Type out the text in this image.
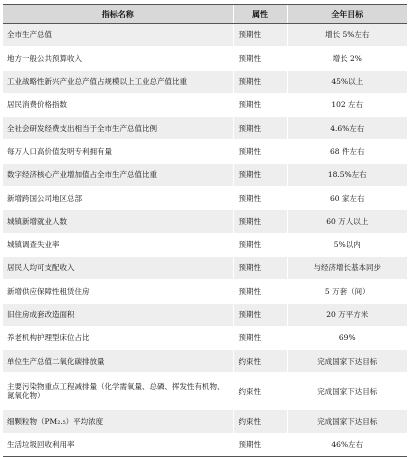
指标名称	属性	全年目标
全市生产总值	预期性	增长 5%左右
地方一般公共预算收入	预期性	增长 2%
工业战略性新兴产业总产值占规模以上工业总产值比重	预期性	45%以上
居民消费价格指数	预期性	102 左右
全社会研发经费支出相当于全市生产总值比例	预期性	4.6%左右
每万人口高价值发明专利拥有量	预期性	68 件左右
数字经济核心产业增加值占全市生产总值比重	预期性	18.5%左右
新增跨国公司地区总部	预期性	60 家左右
城镇新增就业人数	预期性	60 万人以上
城镇调查失业率	预期性	5%以内
居民人均可支配收入	预期性	与经济增长基本同步
新增供应保障性租赁住房	预期性	5 万套（间）
旧住房成套改造面积	预期性	20 万平方米
养老机构护理型床位占比	预期性	69%
单位生产总值二氧化碳排放量	约束性	完成国家下达目标
主要污染物重点工程减排量（化学需氧量、总磷、挥发性有机物、氮氧化物）	约束性	完成国家下达目标
细颗粒物（PM₂.₅）平均浓度	约束性	完成国家下达目标
生活垃圾回收利用率	预期性	46%左右
